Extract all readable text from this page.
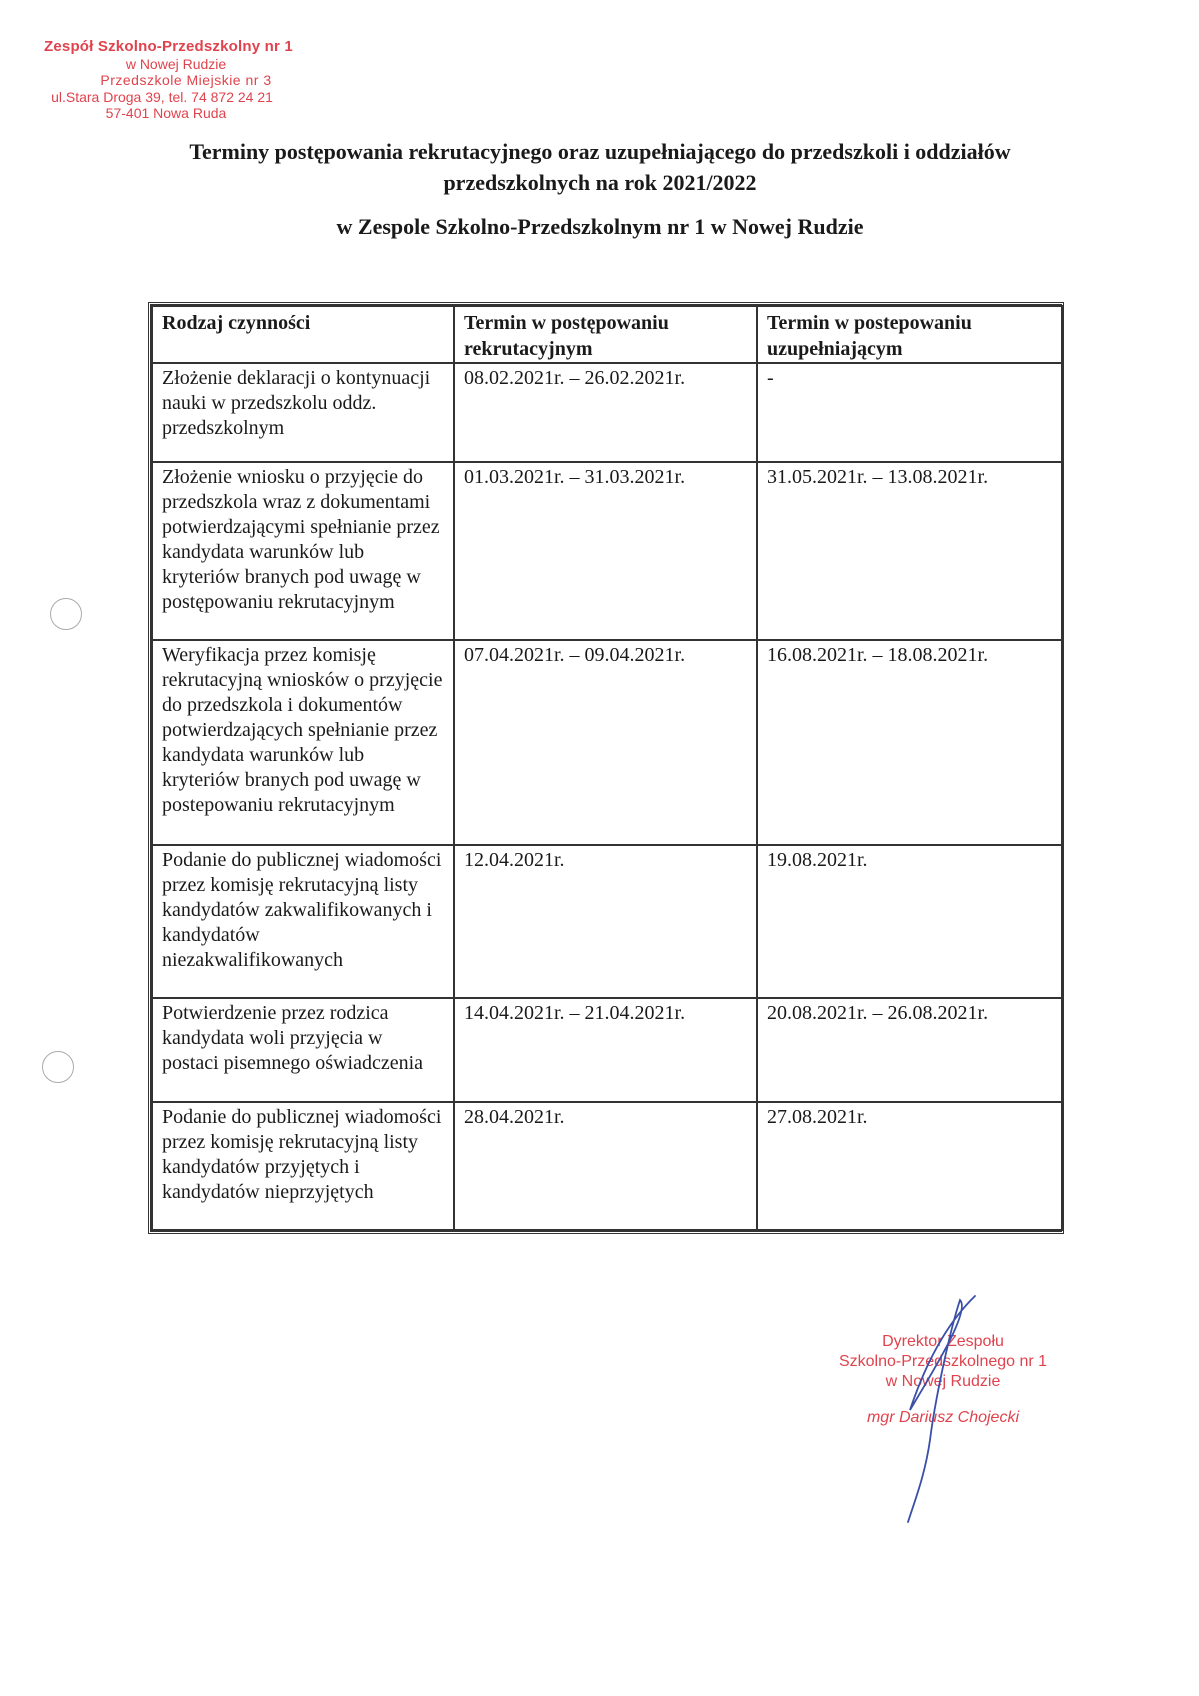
Zespół Szkolno-Przedszkolny nr 1
w Nowej Rudzie
Przedszkole Miejskie nr 3
ul.Stara Droga 39, tel. 74 872 24 21
57-401 Nowa Ruda
Terminy postępowania rekrutacyjnego oraz uzupełniającego do przedszkoli i oddziałów
przedszkolnych na rok 2021/2022
w Zespole Szkolno-Przedszkolnym nr 1 w Nowej Rudzie
Rodzaj czynności	Termin w postępowaniu rekrutacyjnym	Termin w postepowaniu uzupełniającym
Złożenie deklaracji o kontynuacji nauki w przedszkolu oddz. przedszkolnym	08.02.2021r. – 26.02.2021r.	-
Złożenie wniosku o przyjęcie do przedszkola wraz z dokumentami potwierdzającymi spełnianie przez kandydata warunków lub kryteriów branych pod uwagę w postępowaniu rekrutacyjnym	01.03.2021r. – 31.03.2021r.	31.05.2021r. – 13.08.2021r.
Weryfikacja przez komisję rekrutacyjną wniosków o przyjęcie do przedszkola i dokumentów potwierdzających spełnianie przez kandydata warunków lub kryteriów branych pod uwagę w postepowaniu rekrutacyjnym	07.04.2021r. – 09.04.2021r.	16.08.2021r. – 18.08.2021r.
Podanie do publicznej wiadomości przez komisję rekrutacyjną listy kandydatów zakwalifikowanych i kandydatów niezakwalifikowanych	12.04.2021r.	19.08.2021r.
Potwierdzenie przez rodzica kandydata woli przyjęcia w postaci pisemnego oświadczenia	14.04.2021r. – 21.04.2021r.	20.08.2021r. – 26.08.2021r.
Podanie do publicznej wiadomości przez komisję rekrutacyjną listy kandydatów przyjętych i kandydatów nieprzyjętych	28.04.2021r.	27.08.2021r.
Dyrektor Zespołu
Szkolno-Przedszkolnego nr 1
w Nowej Rudzie
mgr Dariusz Chojecki
